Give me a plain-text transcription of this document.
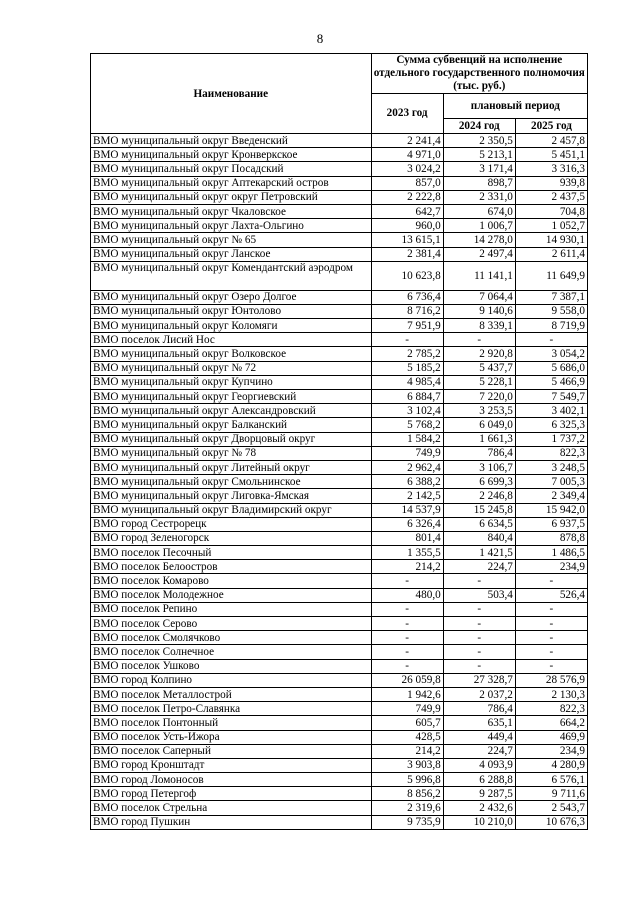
8
Наименование	Сумма субвенций на исполнение отдельного государственного полномочия (тыс. руб.)		
	2023 год	плановый период	
		2024 год	2025 год
ВМО муниципальный округ Введенский	2 241,4	2 350,5	2 457,8
ВМО муниципальный округ Кронверкское	4 971,0	5 213,1	5 451,1
ВМО муниципальный округ Посадский	3 024,2	3 171,4	3 316,3
ВМО муниципальный округ Аптекарский остров	857,0	898,7	939,8
ВМО муниципальный округ округ Петровский	2 222,8	2 331,0	2 437,5
ВМО муниципальный округ Чкаловское	642,7	674,0	704,8
ВМО муниципальный округ Лахта-Ольгино	960,0	1 006,7	1 052,7
ВМО муниципальный округ № 65	13 615,1	14 278,0	14 930,1
ВМО муниципальный округ Ланское	2 381,4	2 497,4	2 611,4
ВМО муниципальный округ Комендантский аэродром	10 623,8	11 141,1	11 649,9
ВМО муниципальный округ Озеро Долгое	6 736,4	7 064,4	7 387,1
ВМО муниципальный округ Юнтолово	8 716,2	9 140,6	9 558,0
ВМО муниципальный округ Коломяги	7 951,9	8 339,1	8 719,9
ВМО поселок Лисий Нос	-	-	-
ВМО муниципальный округ Волковское	2 785,2	2 920,8	3 054,2
ВМО муниципальный округ № 72	5 185,2	5 437,7	5 686,0
ВМО муниципальный округ Купчино	4 985,4	5 228,1	5 466,9
ВМО муниципальный округ Георгиевский	6 884,7	7 220,0	7 549,7
ВМО муниципальный округ Александровский	3 102,4	3 253,5	3 402,1
ВМО муниципальный округ Балканский	5 768,2	6 049,0	6 325,3
ВМО муниципальный округ Дворцовый округ	1 584,2	1 661,3	1 737,2
ВМО муниципальный округ № 78	749,9	786,4	822,3
ВМО муниципальный округ Литейный округ	2 962,4	3 106,7	3 248,5
ВМО муниципальный округ Смольнинское	6 388,2	6 699,3	7 005,3
ВМО муниципальный округ Лиговка-Ямская	2 142,5	2 246,8	2 349,4
ВМО муниципальный округ Владимирский округ	14 537,9	15 245,8	15 942,0
ВМО город Сестрорецк	6 326,4	6 634,5	6 937,5
ВМО город Зеленогорск	801,4	840,4	878,8
ВМО поселок Песочный	1 355,5	1 421,5	1 486,5
ВМО поселок Белоостров	214,2	224,7	234,9
ВМО поселок Комарово	-	-	-
ВМО поселок Молодежное	480,0	503,4	526,4
ВМО поселок Репино	-	-	-
ВМО поселок Серово	-	-	-
ВМО поселок Смолячково	-	-	-
ВМО поселок Солнечное	-	-	-
ВМО поселок Ушково	-	-	-
ВМО город Колпино	26 059,8	27 328,7	28 576,9
ВМО поселок Металлострой	1 942,6	2 037,2	2 130,3
ВМО поселок Петро-Славянка	749,9	786,4	822,3
ВМО поселок Понтонный	605,7	635,1	664,2
ВМО поселок Усть-Ижора	428,5	449,4	469,9
ВМО поселок Саперный	214,2	224,7	234,9
ВМО город Кронштадт	3 903,8	4 093,9	4 280,9
ВМО город Ломоносов	5 996,8	6 288,8	6 576,1
ВМО город Петергоф	8 856,2	9 287,5	9 711,6
ВМО поселок Стрельна	2 319,6	2 432,6	2 543,7
ВМО город Пушкин	9 735,9	10 210,0	10 676,3
